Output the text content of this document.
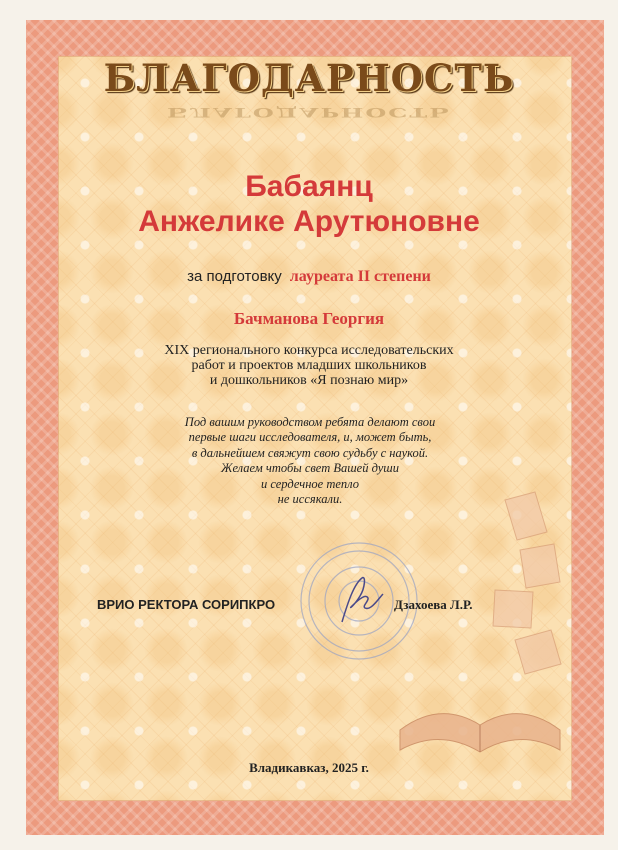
БЛАГОДАРНОСТЬ
БЛАГОДАРНОСТЬ
Бабаянц
Анжелике Арутюновне
за подготовку лауреата II степени
Бачманова Георгия
XIX регионального конкурса исследовательских
работ и проектов младших школьников
и дошкольников «Я познаю мир»
Под вашим руководством ребята делают свои
первые шаги исследователя, и, может быть,
в дальнейшем свяжут свою судьбу с наукой.
Желаем чтобы свет Вашей души
и сердечное тепло
не иссякали.
ВРИО РЕКТОРА СОРИПКРО	Дзахоева Л.Р.
Владикавказ, 2025 г.
